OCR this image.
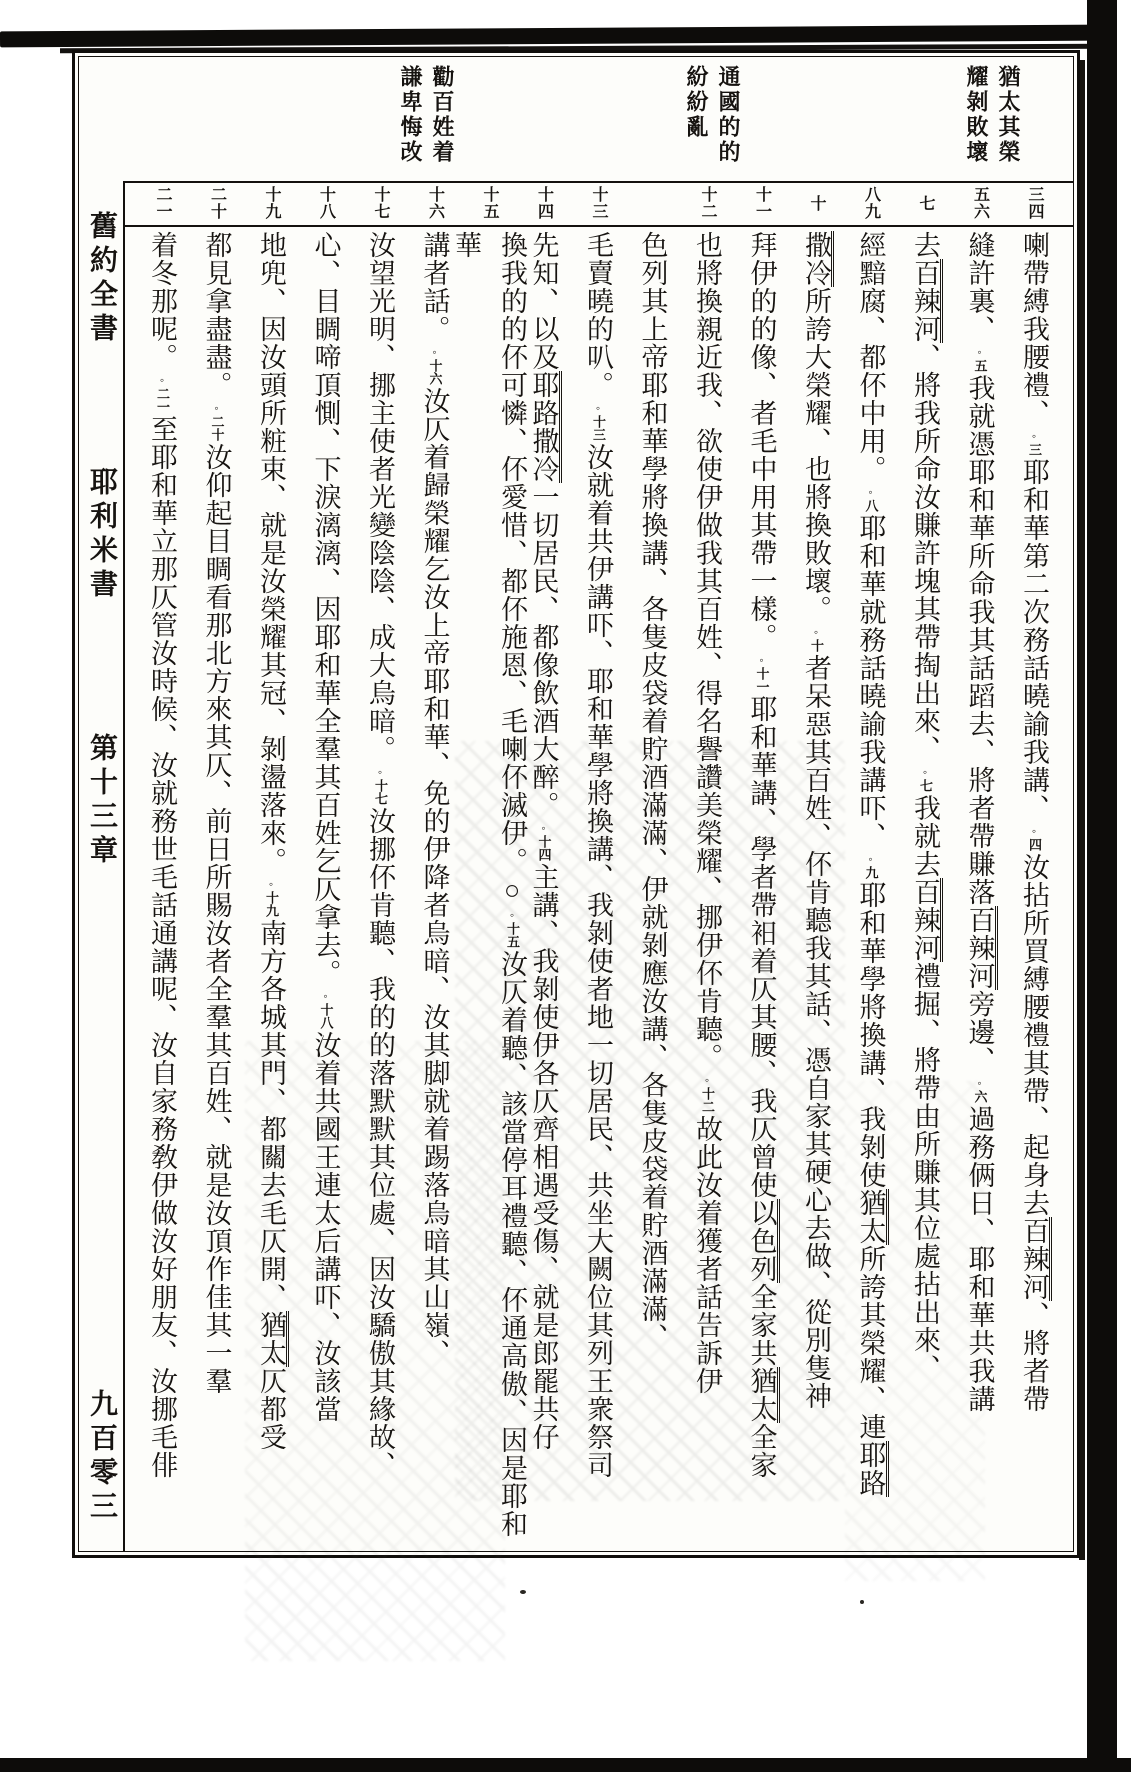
猶太其榮
耀剝敗壞
通國的的
紛紛亂
勸百姓着
謙卑悔改
舊約全書
耶利米書
第十三章
九百零三
三四
喇帶縛我腰禮、◦ 三耶和華第二次務話曉諭我講、◦ 四汝拈所買縛腰禮其帶、起身去百辣河、將者帶
五六
縫許裏、◦ 五我就憑耶和華所命我其話蹈去、將者帶賺落百辣河旁邊、◦ 六過務俩日、耶和華共我講
七
去百辣河、將我所命汝賺許塊其帶掏出來、◦ 七我就去百辣河禮掘、將帶由所賺其位處拈出來、
八九
經黯腐、都伓中用。◦ 八耶和華就務話曉諭我講吓、◦ 九耶和華學將換講、我剝使猶太所誇其榮耀、連耶路
十
撒冷所誇大榮耀、也將換敗壞。◦ 十者呆惡其百姓、伓肯聽我其話、憑自家其硬心去做、從別隻神
十一
拜伊的的像、者毛中用其帶一樣。◦ 十一耶和華講、學者帶衵着仄其腰、我仄曾使以色列全家共猶太全家
十二
也將換親近我、欲使伊做我其百姓、得名譽讚美榮耀、挪伊伓肯聽。◦ 十二故此汝着獲者話告訴伊
色列其上帝耶和華學將換講、各隻皮袋着貯酒滿滿、伊就剝應汝講、各隻皮袋着貯酒滿滿、
十三
毛賣曉的叭。◦ 十三汝就着共伊講吓、耶和華學將換講、我剝使者地一切居民、共坐大闕位其列王衆祭司
十四
先知、以及耶路撒冷一切居民、都像飲酒大醉。◦ 十四主講、我剝使伊各仄齊相遇受傷、就是郎罷共仔
十五
換我的的伓可憐、伓愛惜、都伓施恩、毛喇伓滅伊。○◦ 十五汝仄着聽、該當停耳禮聽、伓通高傲、因是耶和華
十六
講者話。◦ 十六汝仄着歸榮耀乞汝上帝耶和華、免的伊降者烏暗、汝其脚就着踢落烏暗其山嶺、
十七
汝望光明、挪主使者光變陰陰、成大烏暗。◦ 十七汝挪伓肯聽、我的的落默默其位處、因汝驕傲其緣故、
十八
心、目睭啼頂惻、下淚漓漓、因耶和華全羣其百姓乞仄拿去。◦ 十八汝着共國王連太后講吓、汝該當
十九
地兜、因汝頭所粧束、就是汝榮耀其冠、剝盪落來。◦ 十九南方各城其門、都關去毛仄開、猶太仄都受
二十
都見拿盡盡。◦ 二十汝仰起目睭看那北方來其仄、前日所賜汝者全羣其百姓、就是汝頂作佳其一羣
二一
着冬那呢。◦ 二一至耶和華立那仄管汝時候、汝就務世毛話通講呢、汝自家務敎伊做汝好朋友、汝挪毛俳
